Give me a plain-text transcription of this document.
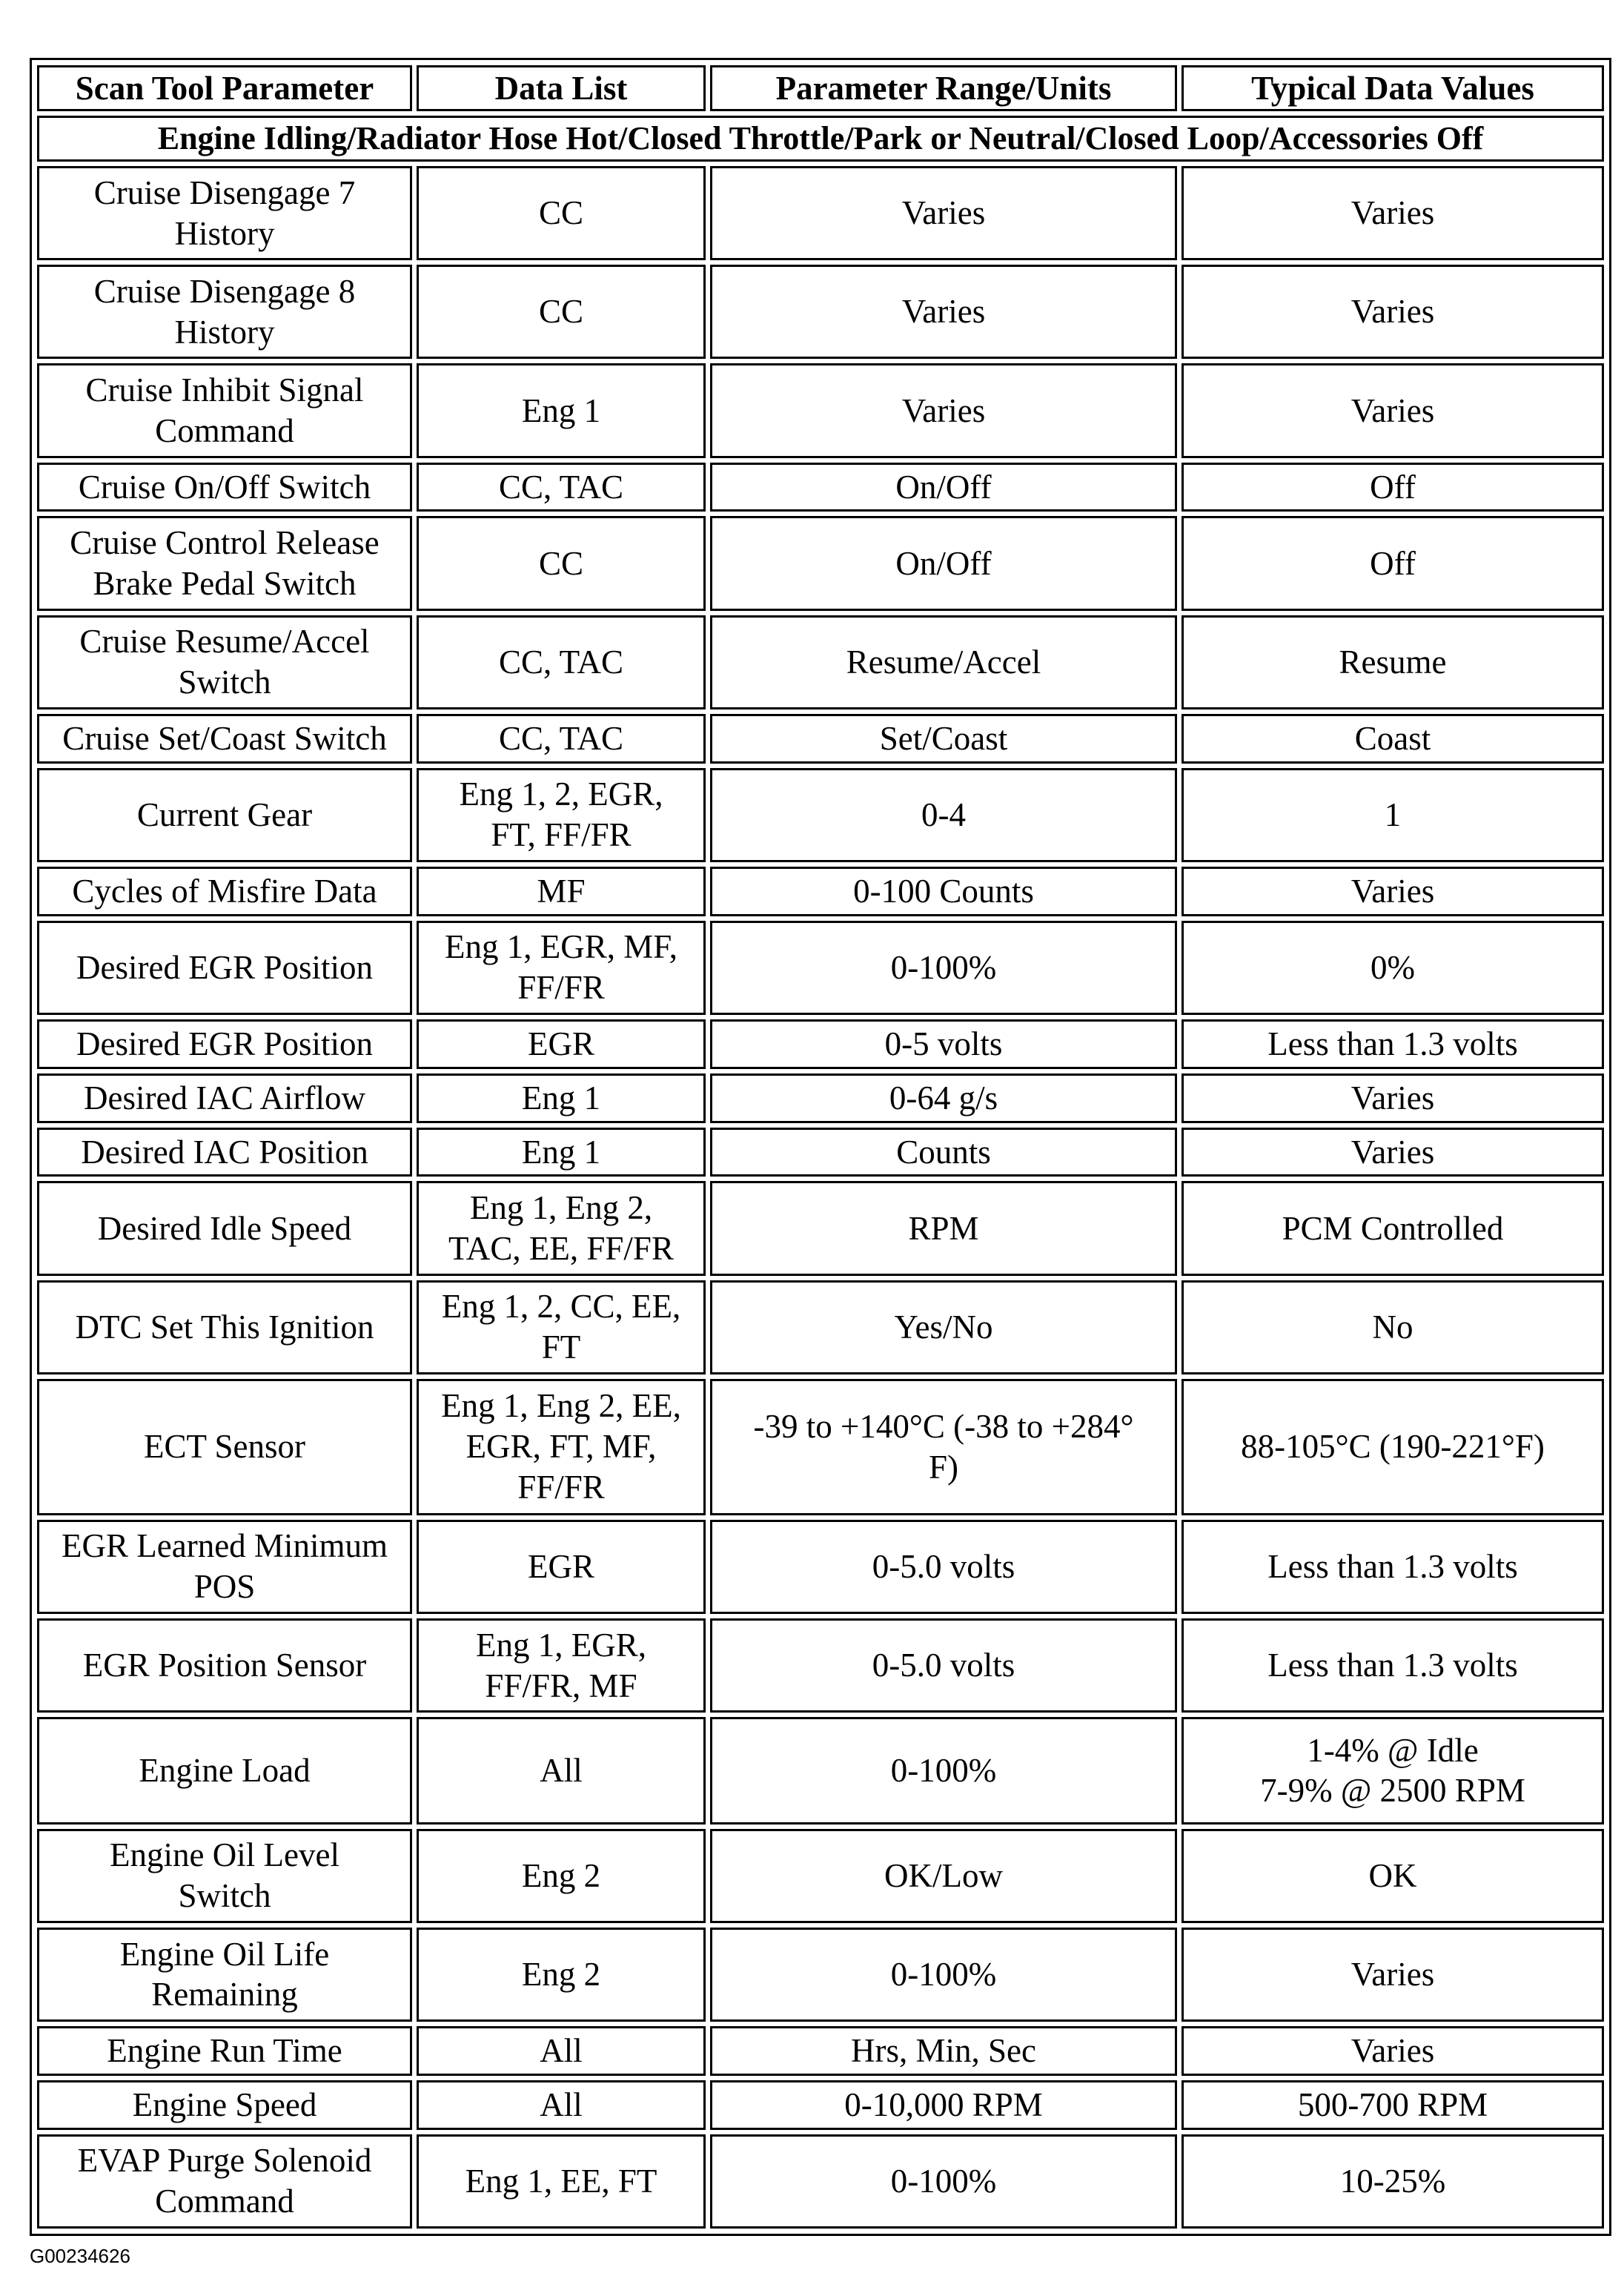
Scan Tool Parameter	Data List	Parameter Range/Units	Typical Data Values
Engine Idling/Radiator Hose Hot/Closed Throttle/Park or Neutral/Closed Loop/Accessories Off			

Cruise Disengage 7
History	CC	Varies	Varies

Cruise Disengage 8
History	CC	Varies	Varies

Cruise Inhibit Signal
Command	Eng 1	Varies	Varies

Cruise On/Off Switch	CC, TAC	On/Off	Off

Cruise Control Release
Brake Pedal Switch	CC	On/Off	Off

Cruise Resume/Accel
Switch	CC, TAC	Resume/Accel	Resume

Cruise Set/Coast Switch	CC, TAC	Set/Coast	Coast

Current Gear	Eng 1, 2, EGR,
FT, FF/FR	0-4	1

Cycles of Misfire Data	MF	0-100 Counts	Varies

Desired EGR Position	Eng 1, EGR, MF,
FF/FR	0-100%	0%

Desired EGR Position	EGR	0-5 volts	Less than 1.3 volts

Desired IAC Airflow	Eng 1	0-64 g/s	Varies

Desired IAC Position	Eng 1	Counts	Varies

Desired Idle Speed	Eng 1, Eng 2,
TAC, EE, FF/FR	RPM	PCM Controlled

DTC Set This Ignition	Eng 1, 2, CC, EE,
FT	Yes/No	No

ECT Sensor	Eng 1, Eng 2, EE,
EGR, FT, MF,
FF/FR	-39 to +140°C (-38 to +284°
F)	88-105°C (190-221°F)

EGR Learned Minimum
POS	EGR	0-5.0 volts	Less than 1.3 volts

EGR Position Sensor	Eng 1, EGR,
FF/FR, MF	0-5.0 volts	Less than 1.3 volts

Engine Load	All	0-100%	1-4% @ Idle
7-9% @ 2500 RPM

Engine Oil Level
Switch	Eng 2	OK/Low	OK

Engine Oil Life
Remaining	Eng 2	0-100%	Varies

Engine Run Time	All	Hrs, Min, Sec	Varies

Engine Speed	All	0-10,000 RPM	500-700 RPM

EVAP Purge Solenoid
Command	Eng 1, EE, FT	0-100%	10-25%
G00234626
